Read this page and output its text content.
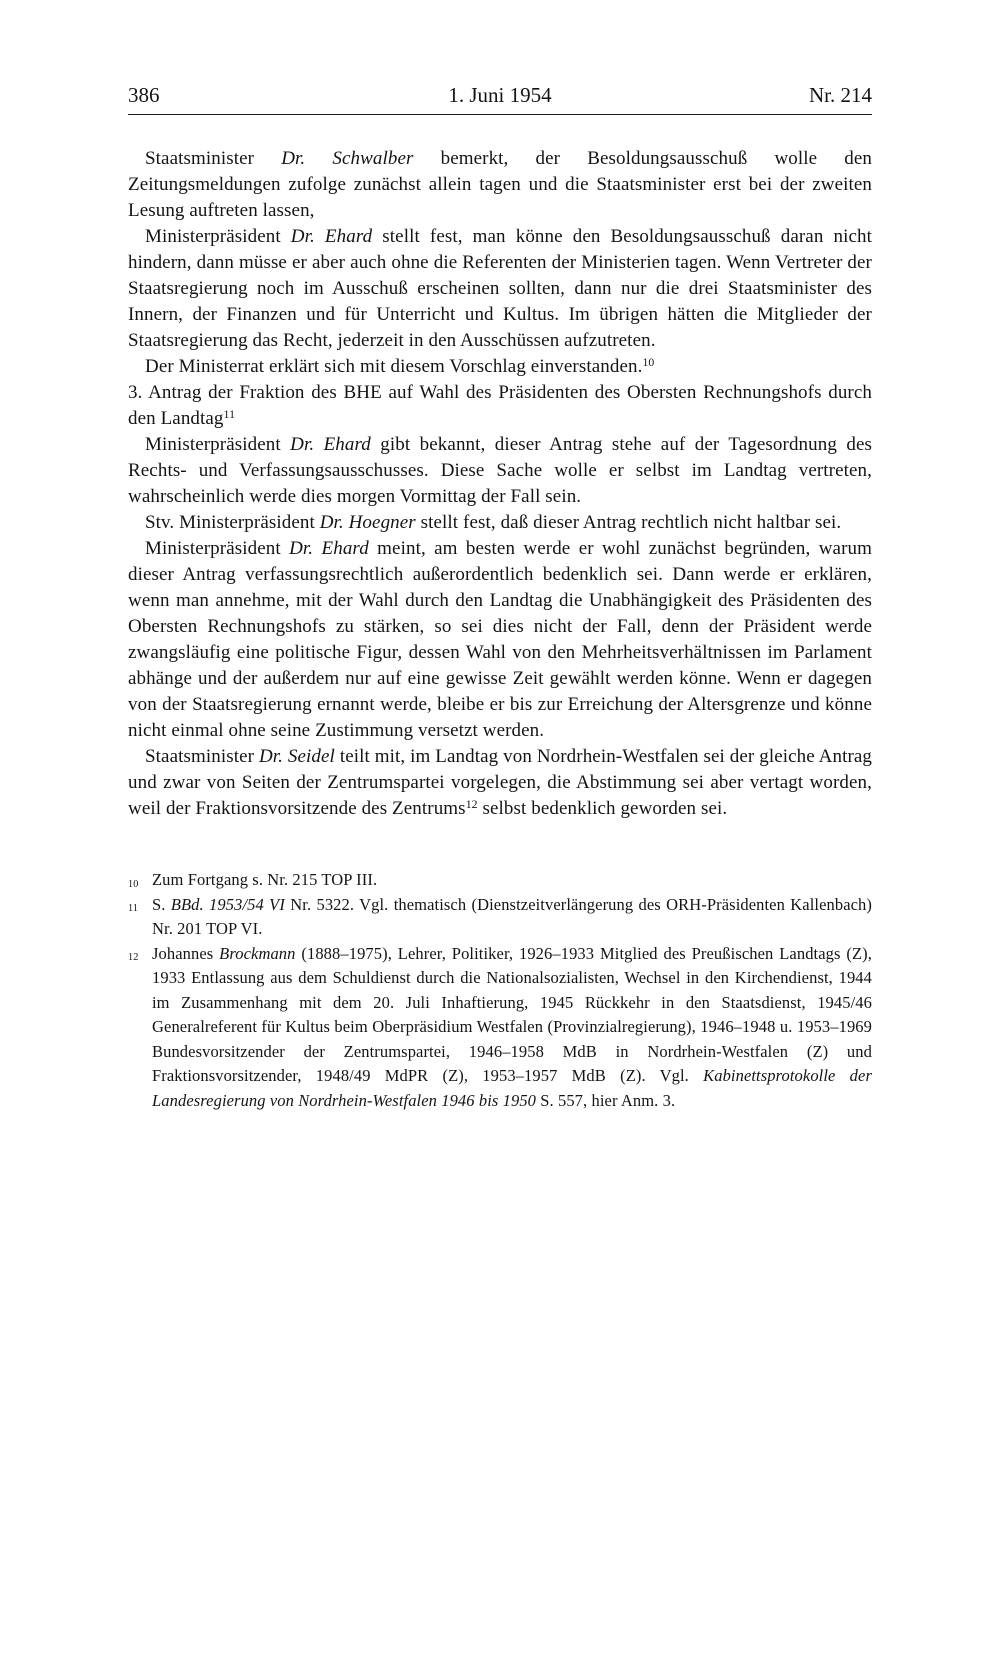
386	1. Juni 1954	Nr. 214

Staatsminister Dr. Schwalber bemerkt, der Besoldungsausschuß wolle den Zeitungsmeldungen zufolge zunächst allein tagen und die Staatsminister erst bei der zweiten Lesung auftreten lassen,

Ministerpräsident Dr. Ehard stellt fest, man könne den Besoldungsausschuß daran nicht hindern, dann müsse er aber auch ohne die Referenten der Ministerien tagen. Wenn Vertreter der Staatsregierung noch im Ausschuß erscheinen sollten, dann nur die drei Staatsminister des Innern, der Finanzen und für Unterricht und Kultus. Im übrigen hätten die Mitglieder der Staatsregierung das Recht, jederzeit in den Ausschüssen aufzutreten.

Der Ministerrat erklärt sich mit diesem Vorschlag einverstanden.$^{10}$

3. Antrag der Fraktion des BHE auf Wahl des Präsidenten des Obersten Rechnungshofs durch den Landtag$^{11}$

Ministerpräsident Dr. Ehard gibt bekannt, dieser Antrag stehe auf der Tagesordnung des Rechts- und Verfassungsausschusses. Diese Sache wolle er selbst im Landtag vertreten, wahrscheinlich werde dies morgen Vormittag der Fall sein.

Stv. Ministerpräsident Dr. Hoegner stellt fest, daß dieser Antrag rechtlich nicht haltbar sei.

Ministerpräsident Dr. Ehard meint, am besten werde er wohl zunächst begründen, warum dieser Antrag verfassungsrechtlich außerordentlich bedenklich sei. Dann werde er erklären, wenn man annehme, mit der Wahl durch den Landtag die Unabhängigkeit des Präsidenten des Obersten Rechnungshofs zu stärken, so sei dies nicht der Fall, denn der Präsident werde zwangsläufig eine politische Figur, dessen Wahl von den Mehrheitsverhältnissen im Parlament abhänge und der außerdem nur auf eine gewisse Zeit gewählt werden könne. Wenn er dagegen von der Staatsregierung ernannt werde, bleibe er bis zur Erreichung der Altersgrenze und könne nicht einmal ohne seine Zustimmung versetzt werden.

Staatsminister Dr. Seidel teilt mit, im Landtag von Nordrhein-Westfalen sei der gleiche Antrag und zwar von Seiten der Zentrumspartei vorgelegen, die Abstimmung sei aber vertagt worden, weil der Fraktionsvorsitzende des Zentrums$^{12}$ selbst bedenklich geworden sei.

10 Zum Fortgang s. Nr. 215 TOP III.
11 S. BBd. 1953/54 VI Nr. 5322. Vgl. thematisch (Dienstzeitverlängerung des ORH-Präsidenten Kallenbach) Nr. 201 TOP VI.
12 Johannes Brockmann (1888–1975), Lehrer, Politiker, 1926–1933 Mitglied des Preußischen Landtags (Z), 1933 Entlassung aus dem Schuldienst durch die Nationalsozialisten, Wechsel in den Kirchendienst, 1944 im Zusammenhang mit dem 20. Juli Inhaftierung, 1945 Rückkehr in den Staatsdienst, 1945/46 Generalreferent für Kultus beim Oberpräsidium Westfalen (Provinzialregierung), 1946–1948 u. 1953–1969 Bundesvorsitzender der Zentrumspartei, 1946–1958 MdB in Nordrhein-Westfalen (Z) und Fraktionsvorsitzender, 1948/49 MdPR (Z), 1953–1957 MdB (Z). Vgl. Kabinettsprotokolle der Landesregierung von Nordrhein-Westfalen 1946 bis 1950 S. 557, hier Anm. 3.
